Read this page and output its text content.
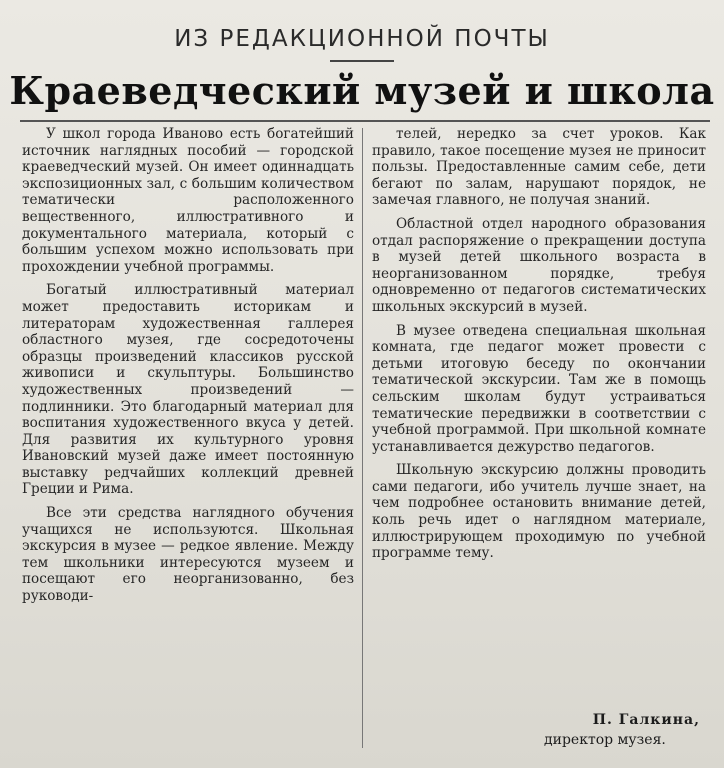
ИЗ РЕДАКЦИОННОЙ ПОЧТЫ
Краеведческий музей и школа

У школ города Иваново есть богатейший источник наглядных пособий — городской краеведческий музей. Он имеет одиннадцать экспозиционных зал, с большим количеством тематически расположенного вещественного, иллюстративного и документального материала, который с большим успехом можно использовать при прохождении учебной программы.

Богатый иллюстративный материал может предоставить историкам и литераторам художественная галлерея областного музея, где сосредоточены образцы произведений классиков русской живописи и скульптуры. Большинство художественных произведений — подлинники. Это благодарный материал для воспитания художественного вкуса у детей. Для развития их культурного уровня Ивановский музей даже имеет постоянную выставку редчайших коллекций древней Греции и Рима.

Все эти средства наглядного обучения учащихся не используются. Школьная экскурсия в музее — редкое явление. Между тем школьники интересуются музеем и посещают его неорганизованно, без руководи-

телей, нередко за счет уроков. Как правило, такое посещение музея не приносит пользы. Предоставленные самим себе, дети бегают по залам, нарушают порядок, не замечая главного, не получая знаний.

Областной отдел народного образования отдал распоряжение о прекращении доступа в музей детей школьного возраста в неорганизованном порядке, требуя одновременно от педагогов систематических школьных экскурсий в музей.

В музее отведена специальная школьная комната, где педагог может провести с детьми итоговую беседу по окончании тематической экскурсии. Там же в помощь сельским школам будут устраиваться тематические передвижки в соответствии с учебной программой. При школьной комнате устанавливается дежурство педагогов.

Школьную экскурсию должны проводить сами педагоги, ибо учитель лучше знает, на чем подробнее остановить внимание детей, коль речь идет о наглядном материале, иллюстрирующем проходимую по учебной программе тему.

П. Галкина,
директор музея.
